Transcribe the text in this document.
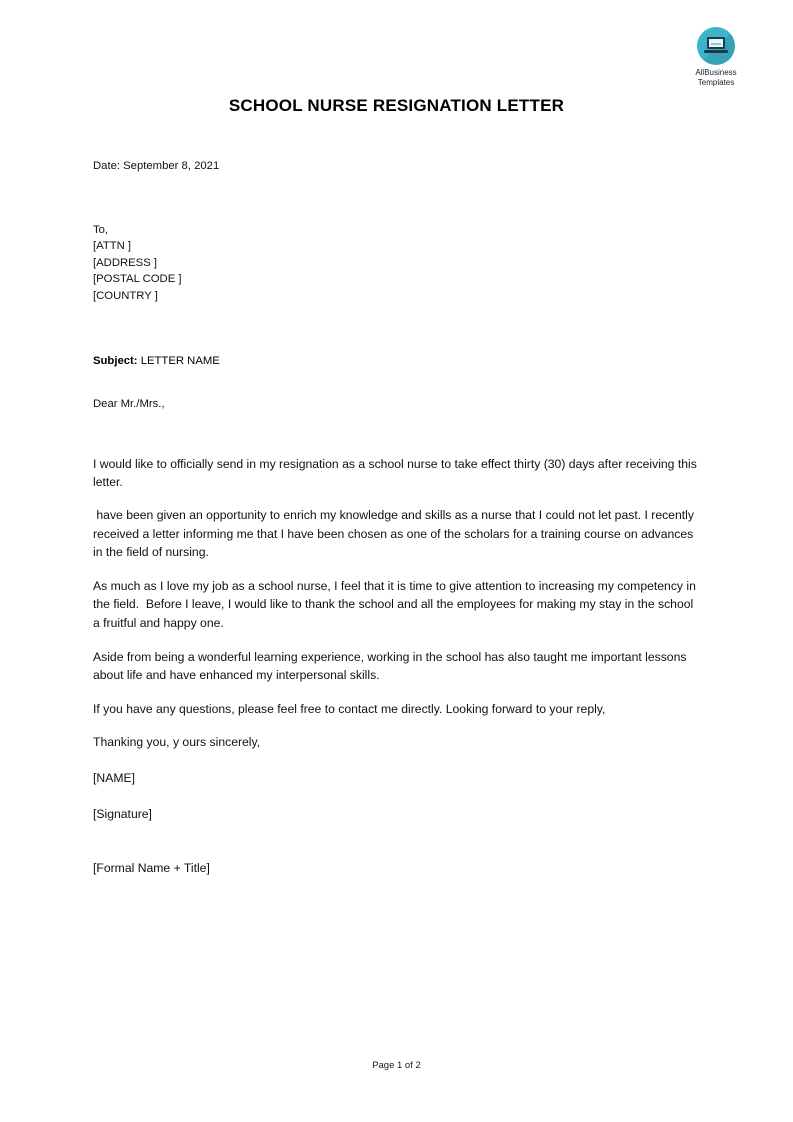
AllBusiness
Templates
SCHOOL NURSE RESIGNATION LETTER
Date: September 8, 2021
To,
[ATTN ]
[ADDRESS ]
[POSTAL CODE ]
[COUNTRY ]
Subject: LETTER NAME
Dear Mr./Mrs.,

I would like to officially send in my resignation as a school nurse to take effect thirty (30) days after receiving this letter.

have been given an opportunity to enrich my knowledge and skills as a nurse that I could not let past. I recently received a letter informing me that I have been chosen as one of the scholars for a training course on advances in the field of nursing.

As much as I love my job as a school nurse, I feel that it is time to give attention to increasing my competency in the field.  Before I leave, I would like to thank the school and all the employees for making my stay in the school a fruitful and happy one.

Aside from being a wonderful learning experience, working in the school has also taught me important lessons about life and have enhanced my interpersonal skills.

If you have any questions, please feel free to contact me directly. Looking forward to your reply,

Thanking you, y ours sincerely,

[NAME]

[Signature]

[Formal Name + Title]

Page 1 of 2
